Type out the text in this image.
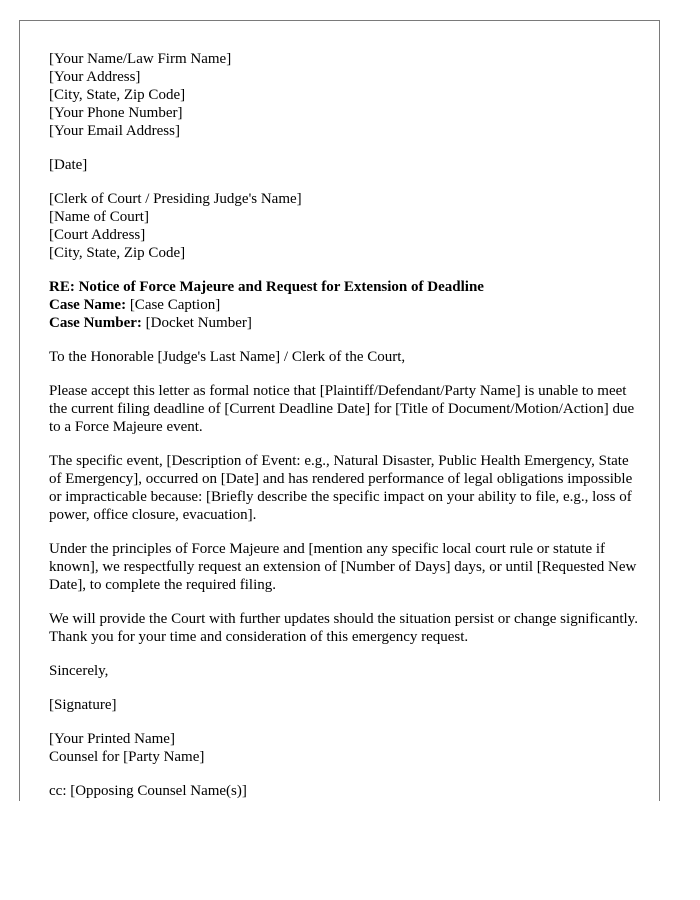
[Your Name/Law Firm Name]
[Your Address]
[City, State, Zip Code]
[Your Phone Number]
[Your Email Address]
[Date]
[Clerk of Court / Presiding Judge's Name]
[Name of Court]
[Court Address]
[City, State, Zip Code]
RE: Notice of Force Majeure and Request for Extension of Deadline
Case Name: [Case Caption]
Case Number: [Docket Number]

To the Honorable [Judge's Last Name] / Clerk of the Court,

Please accept this letter as formal notice that [Plaintiff/Defendant/Party Name] is unable to meet the current filing deadline of [Current Deadline Date] for [Title of Document/Motion/Action] due to a Force Majeure event.

The specific event, [Description of Event: e.g., Natural Disaster, Public Health Emergency, State of Emergency], occurred on [Date] and has rendered performance of legal obligations impossible or impracticable because: [Briefly describe the specific impact on your ability to file, e.g., loss of power, office closure, evacuation].

Under the principles of Force Majeure and [mention any specific local court rule or statute if known], we respectfully request an extension of [Number of Days] days, or until [Requested New Date], to complete the required filing.

We will provide the Court with further updates should the situation persist or change significantly. Thank you for your time and consideration of this emergency request.

Sincerely,

[Signature]

[Your Printed Name]
Counsel for [Party Name]

cc: [Opposing Counsel Name(s)]
